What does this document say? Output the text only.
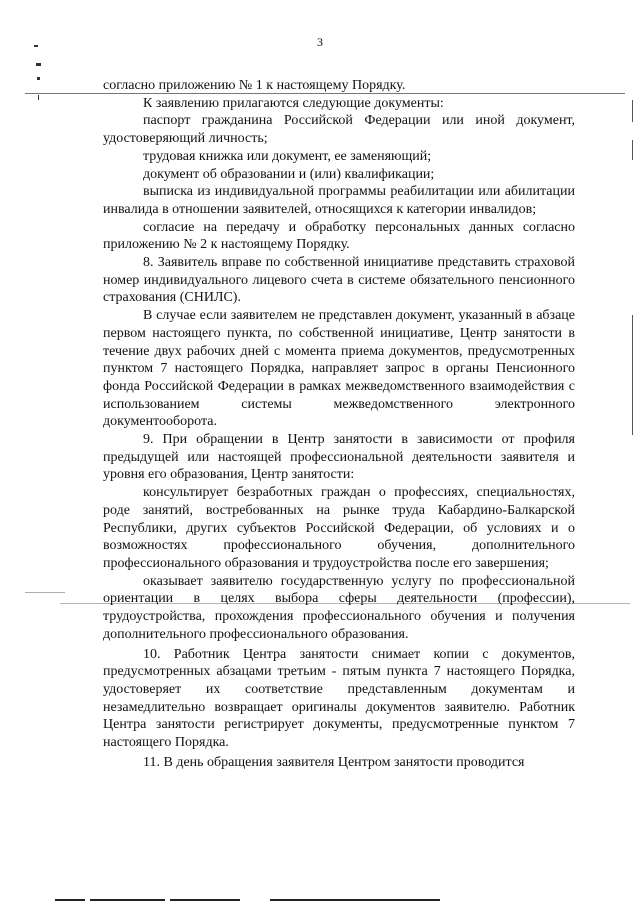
3

согласно приложению № 1 к настоящему Порядку.

К заявлению прилагаются следующие документы:

паспорт гражданина Российской Федерации или иной документ, удостоверяющий личность;

трудовая книжка или документ, ее заменяющий;

документ об образовании и (или) квалификации;

выписка из индивидуальной программы реабилитации или абилитации инвалида в отношении заявителей, относящихся к категории инвалидов;

согласие на передачу и обработку персональных данных согласно приложению № 2 к настоящему Порядку.

8. Заявитель вправе по собственной инициативе представить страховой номер индивидуального лицевого счета в системе обязательного пенсионного страхования (СНИЛС).

В случае если заявителем не представлен документ, указанный в абзаце первом настоящего пункта, по собственной инициативе, Центр занятости в течение двух рабочих дней с момента приема документов, предусмотренных пунктом 7 настоящего Порядка, направляет запрос в органы Пенсионного фонда Российской Федерации в рамках межведомственного взаимодействия с использованием системы межведомственного электронного документооборота.

9. При обращении в Центр занятости в зависимости от профиля предыдущей или настоящей профессиональной деятельности заявителя и уровня его образования, Центр занятости:

консультирует безработных граждан о профессиях, специальностях, роде занятий, востребованных на рынке труда Кабардино-Балкарской Республики, других субъектов Российской Федерации, об условиях и о возможностях профессионального обучения, дополнительного профессионального образования и трудоустройства после его завершения;

оказывает заявителю государственную услугу по профессиональной ориентации в целях выбора сферы деятельности (профессии), трудоустройства, прохождения профессионального обучения и получения дополнительного профессионального образования.

10. Работник Центра занятости снимает копии с документов, предусмотренных абзацами третьим - пятым пункта 7 настоящего Порядка, удостоверяет их соответствие представленным документам и незамедлительно возвращает оригиналы документов заявителю. Работник Центра занятости регистрирует документы, предусмотренные пунктом 7 настоящего Порядка.

11. В день обращения заявителя Центром занятости проводится
